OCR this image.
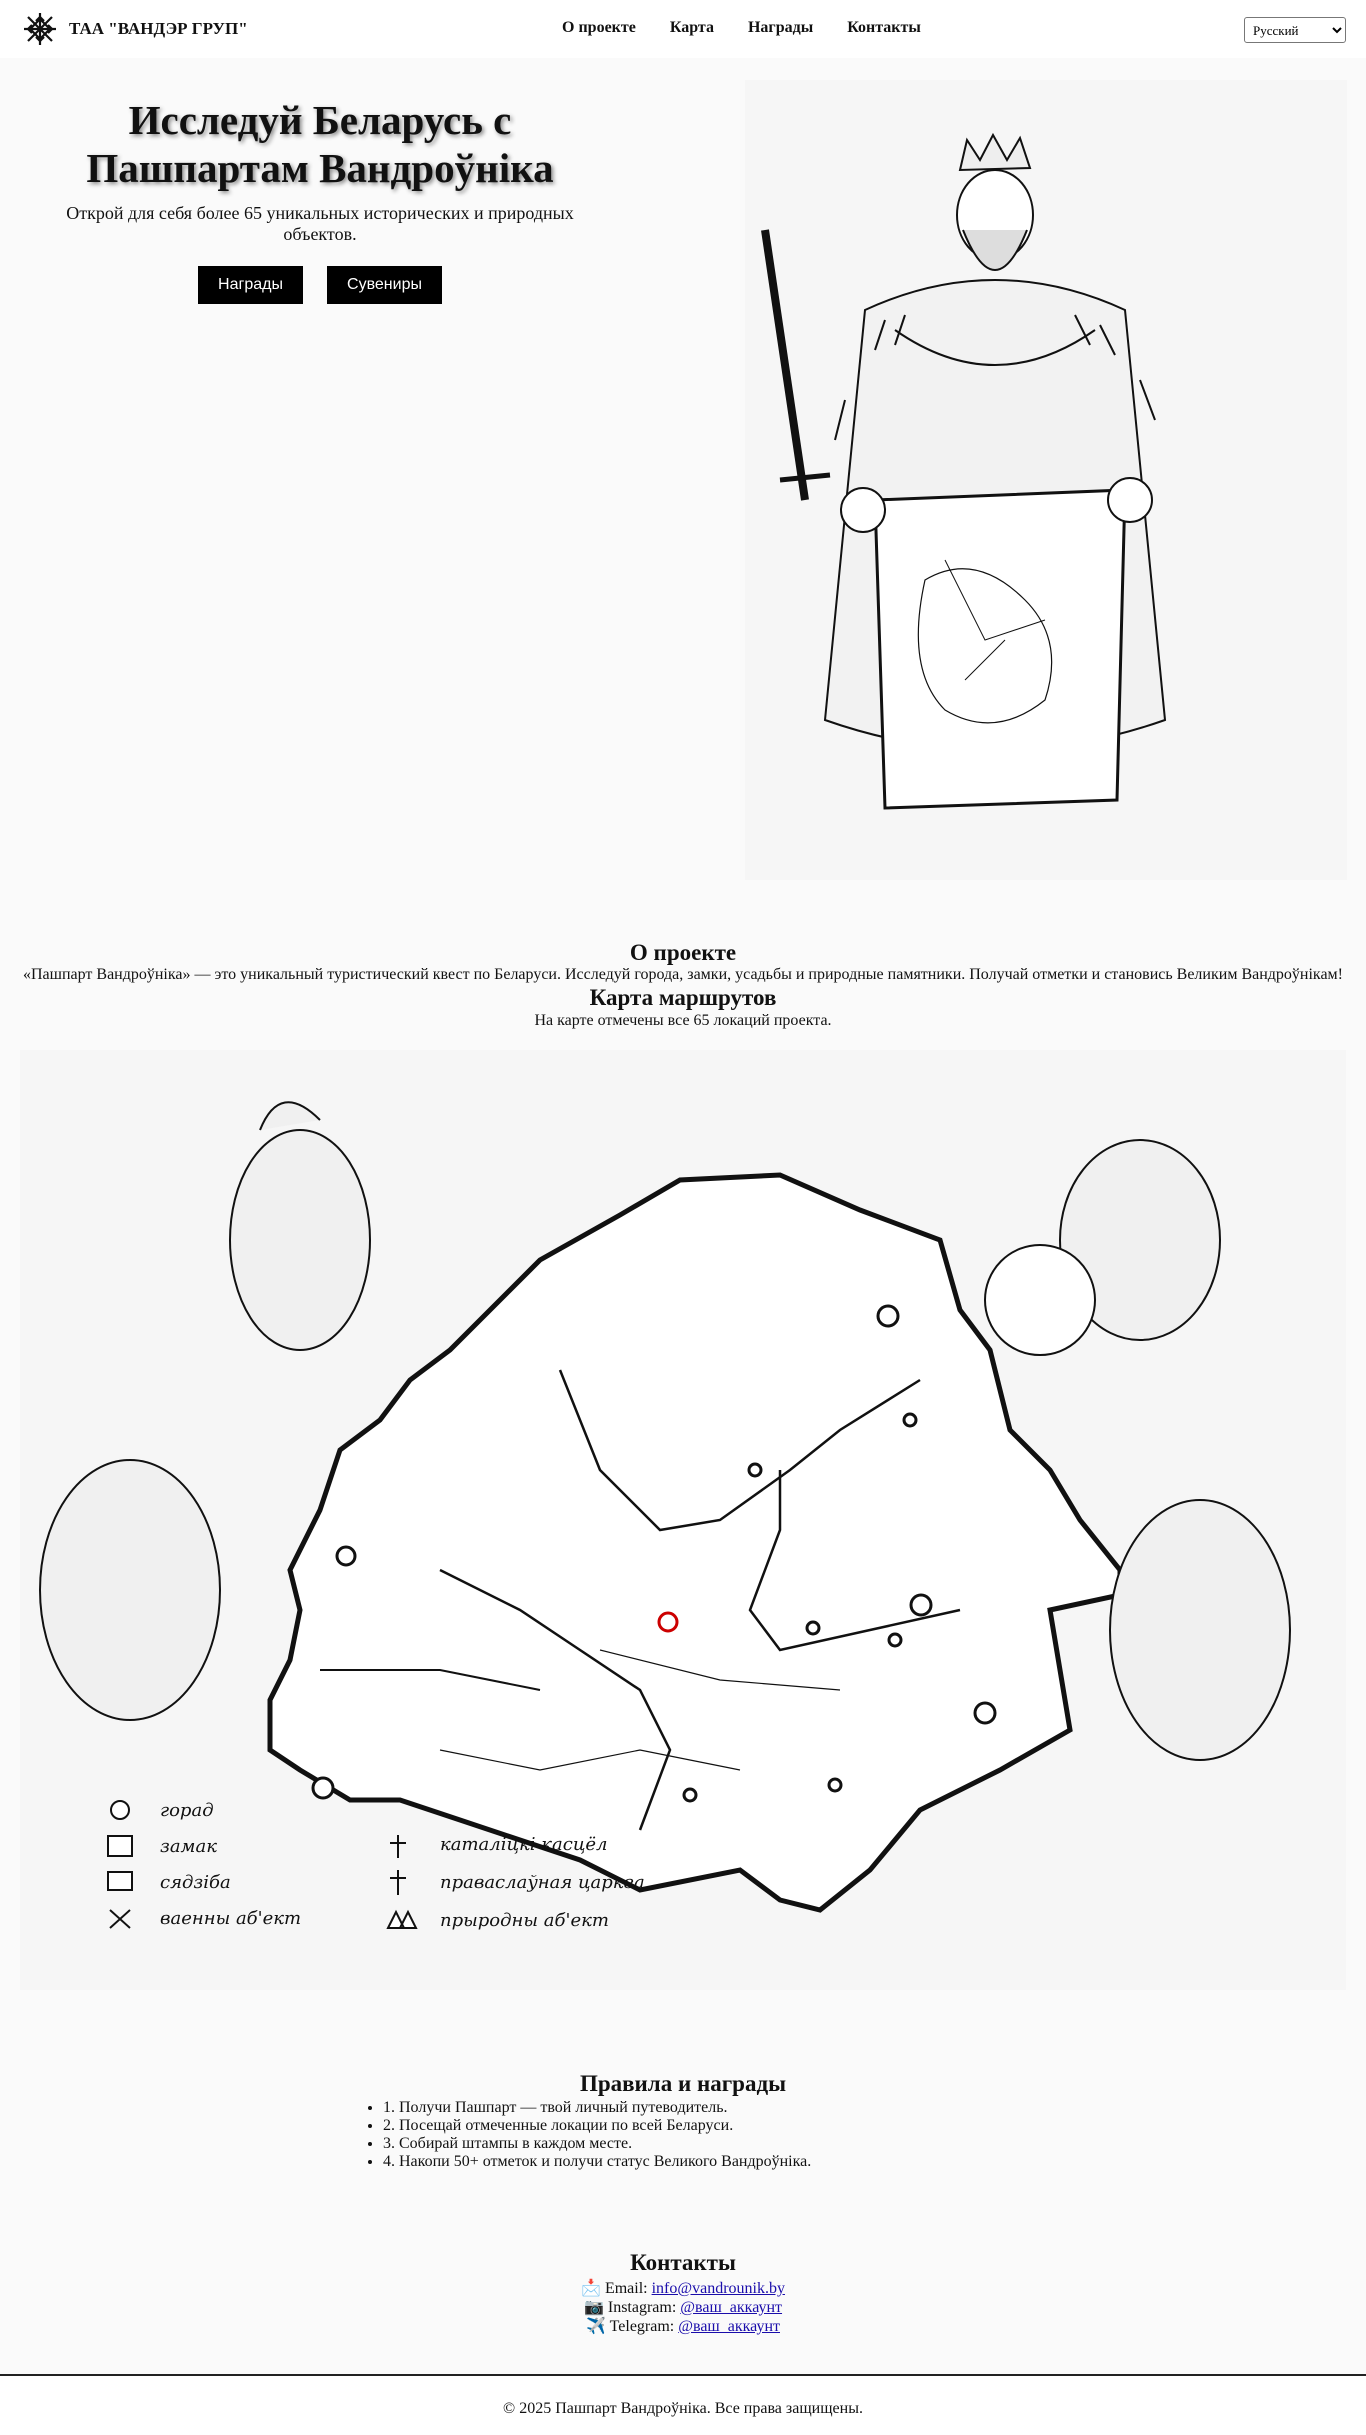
ТАА "ВАНДЭР ГРУП"	О проекте Карта Награды Контакты
Русский
Исследуй Беларусь с
Пашпартам Вандроўніка

Открой для себя более 65 уникальных исторических и природных объектов.

Награды	Сувениры
О проекте

«Пашпарт Вандроўніка» — это уникальный туристический квест по Беларуси. Исследуй города, замки, усадьбы и природные памятники. Получай отметки и становись Великим Вандроўнікам!

Карта маршрутов

На карте отмечены все 65 локаций проекта.

горад
замак
сядзіба
ваенны аб'ект
каталіцкі касцёл
праваслаўная царква
прыродны аб'ект
Правила и награды
• 1. Получи Пашпарт — твой личный путеводитель.
• 2. Посещай отмеченные локации по всей Беларуси.
• 3. Собирай штампы в каждом месте.
• 4. Накопи 50+ отметок и получи статус Великого Вандроўніка.
Контакты
📩 Email: info@vandrounik.by
📷 Instagram: @ваш_аккаунт
✈️ Telegram: @ваш_аккаунт
© 2025 Пашпарт Вандроўніка. Все права защищены.
